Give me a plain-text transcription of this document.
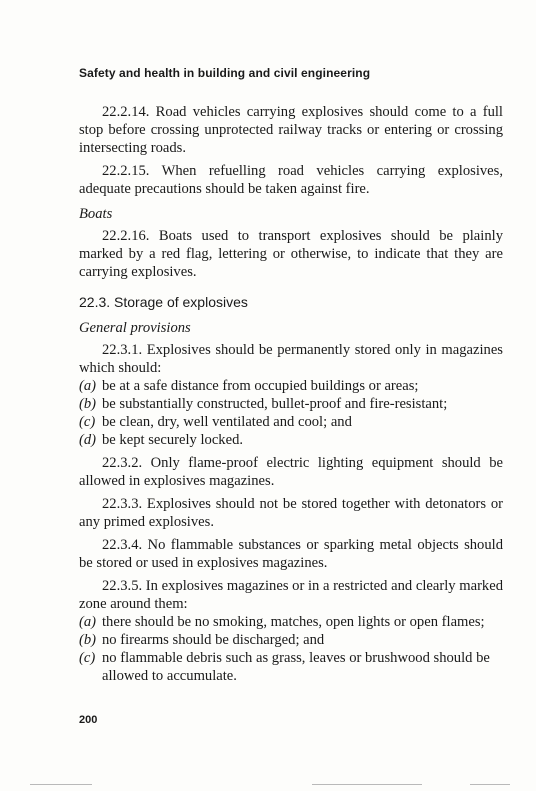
Safety and health in building and civil engineering

22.2.14. Road vehicles carrying explosives should come to a full stop before crossing unprotected railway tracks or entering or crossing intersecting roads.

22.2.15. When refuelling road vehicles carrying explosives, adequate precautions should be taken against fire.

Boats

22.2.16. Boats used to transport explosives should be plainly marked by a red flag, lettering or otherwise, to indicate that they are carrying explosives.

22.3. Storage of explosives
General provisions

22.3.1. Explosives should be permanently stored only in magazines which should:

(a) be at a safe distance from occupied buildings or areas;
(b) be substantially constructed, bullet-proof and fire-resistant;
(c) be clean, dry, well ventilated and cool; and
(d) be kept securely locked.

22.3.2. Only flame-proof electric lighting equipment should be allowed in explosives magazines.

22.3.3. Explosives should not be stored together with detonators or any primed explosives.

22.3.4. No flammable substances or sparking metal objects should be stored or used in explosives magazines.

22.3.5. In explosives magazines or in a restricted and clearly marked zone around them:

(a) there should be no smoking, matches, open lights or open flames;
(b) no firearms should be discharged; and
(c) no flammable debris such as grass, leaves or brushwood should be allowed to accumulate.
200
